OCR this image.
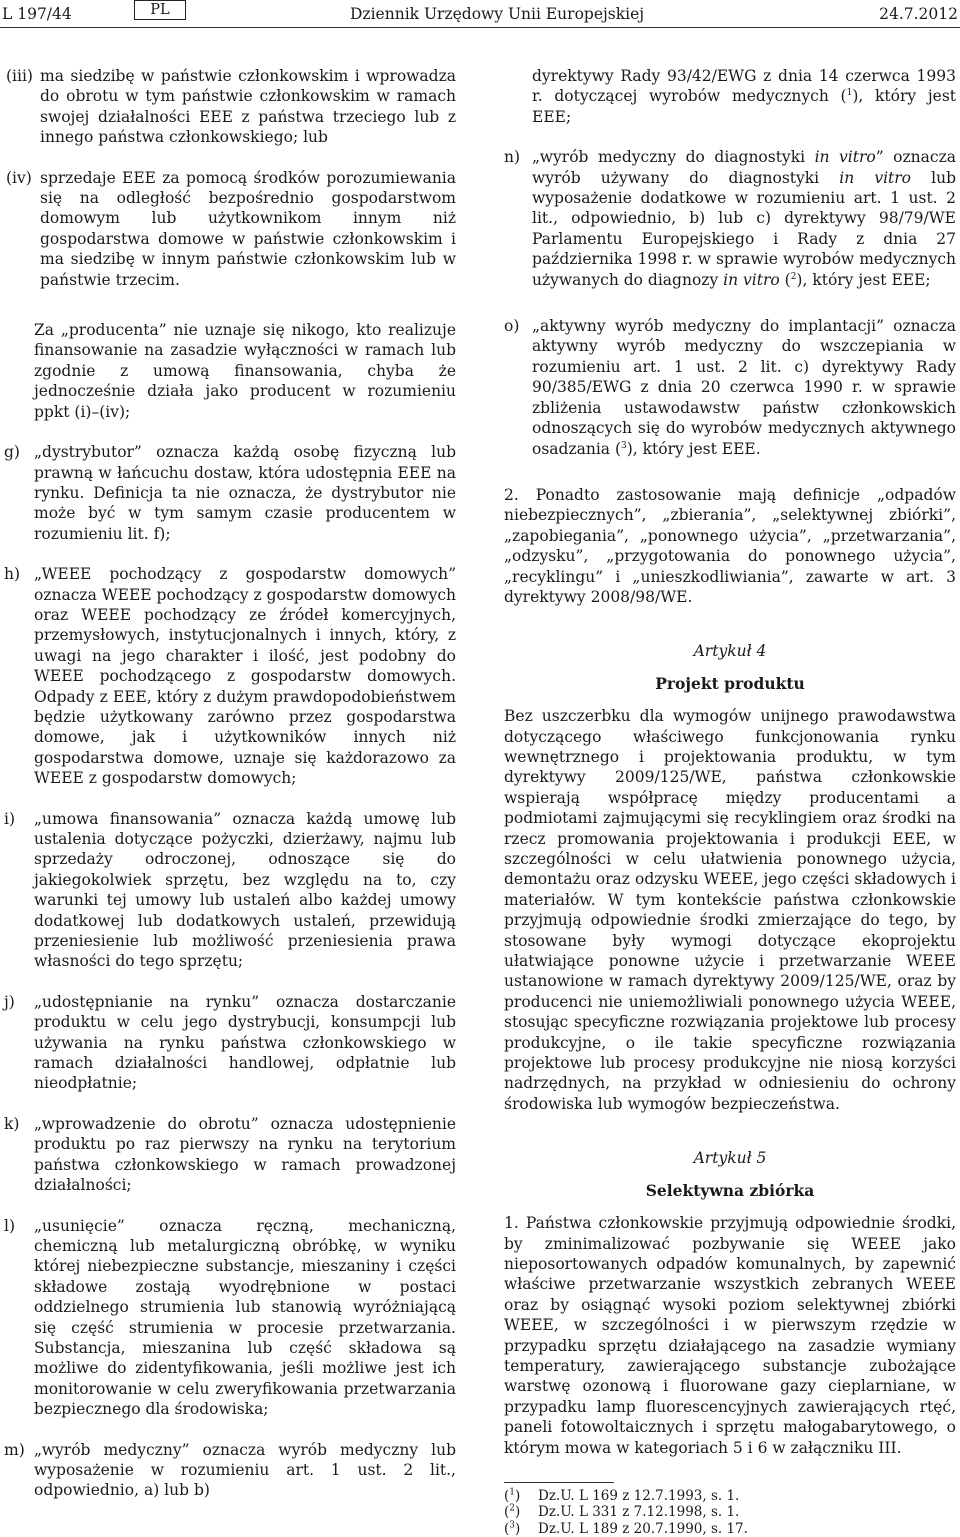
L 197/44	PL	Dziennik Urzędowy Unii Europejskiej	24.7.2012
(iii) ma siedzibę w państwie członkowskim i wprowadza do obrotu w tym państwie członkowskim w ramach swojej działalności EEE z państwa trzeciego lub z innego państwa członkowskiego; lub
(iv) sprzedaje EEE za pomocą środków porozumiewania się na odległość bezpośrednio gospodarstwom domowym lub użytkownikom innym niż gospodarstwa domowe w państwie członkowskim i ma siedzibę w innym państwie członkowskim lub w państwie trzecim.

Za „producenta” nie uznaje się nikogo, kto realizuje finansowanie na zasadzie wyłączności w ramach lub zgodnie z umową finansowania, chyba że jednocześnie działa jako producent w rozumieniu ppkt (i)–(iv);

g) „dystrybutor” oznacza każdą osobę fizyczną lub prawną w łańcuchu dostaw, która udostępnia EEE na rynku. Definicja ta nie oznacza, że dystrybutor nie może być w tym samym czasie producentem w rozumieniu lit. f);
h) „WEEE pochodzący z gospodarstw domowych” oznacza WEEE pochodzący z gospodarstw domowych oraz WEEE pochodzący ze źródeł komercyjnych, przemysłowych, instytucjonalnych i innych, który, z uwagi na jego charakter i ilość, jest podobny do WEEE pochodzącego z gospodarstw domowych. Odpady z EEE, który z dużym prawdopodobieństwem będzie użytkowany zarówno przez gospodarstwa domowe, jak i użytkowników innych niż gospodarstwa domowe, uznaje się każdorazowo za WEEE z gospodarstw domowych;
i)	„umowa finansowania” oznacza każdą umowę lub ustalenia dotyczące pożyczki, dzierżawy, najmu lub sprzedaży odroczonej, odnoszące się do jakiegokolwiek sprzętu, bez względu na to, czy warunki tej umowy lub ustaleń albo każdej umowy dodatkowej lub dodatkowych ustaleń, przewidują przeniesienie lub możliwość przeniesienia prawa własności do tego sprzętu;
j)	„udostępnianie na rynku” oznacza dostarczanie produktu w celu jego dystrybucji, konsumpcji lub używania na rynku państwa członkowskiego w ramach działalności handlowej, odpłatnie lub nieodpłatnie;
k) „wprowadzenie do obrotu” oznacza udostępnienie produktu po raz pierwszy na rynku na terytorium państwa członkowskiego w ramach prowadzonej działalności;
l)	„usunięcie” oznacza ręczną, mechaniczną, chemiczną lub metalurgiczną obróbkę, w wyniku której niebezpieczne substancje, mieszaniny i części składowe zostają wyodrębnione w postaci oddzielnego strumienia lub stanowią wyróżniającą się część strumienia w procesie przetwarzania. Substancja, mieszanina lub część składowa są możliwe do zidentyfikowania, jeśli możliwe jest ich monitorowanie w celu zweryfikowania przetwarzania bezpiecznego dla środowiska;
m) „wyrób medyczny” oznacza wyrób medyczny lub wyposażenie w rozumieniu art. 1 ust. 2 lit., odpowiednio, a) lub b)

dyrektywy Rady 93/42/EWG z dnia 14 czerwca 1993 r. dotyczącej wyrobów medycznych ($^1$), który jest EEE;

n) „wyrób medyczny do diagnostyki in vitro” oznacza wyrób używany do diagnostyki in vitro lub wyposażenie dodatkowe w rozumieniu art. 1 ust. 2 lit., odpowiednio, b) lub c) dyrektywy 98/79/WE Parlamentu Europejskiego i Rady z dnia 27 października 1998 r. w sprawie wyrobów medycznych używanych do diagnozy in vitro ($^2$), który jest EEE;
o) „aktywny wyrób medyczny do implantacji” oznacza aktywny wyrób medyczny do wszczepiania w rozumieniu art. 1 ust. 2 lit. c) dyrektywy Rady 90/385/EWG z dnia 20 czerwca 1990 r. w sprawie zbliżenia ustawodawstw państw członkowskich odnoszących się do wyrobów medycznych aktywnego osadzania ($^3$), który jest EEE.

2. Ponadto zastosowanie mają definicje „odpadów niebezpiecznych”, „zbierania”, „selektywnej zbiórki”, „zapobiegania”, „ponownego użycia”, „przetwarzania”, „odzysku”, „przygotowania do ponownego użycia”, „recyklingu” i „unieszkodliwiania”, zawarte w art. 3 dyrektywy 2008/98/WE.

Artykuł 4
Projekt produktu

Bez uszczerbku dla wymogów unijnego prawodawstwa dotyczącego właściwego funkcjonowania rynku wewnętrznego i projektowania produktu, w tym dyrektywy 2009/125/WE, państwa członkowskie wspierają współpracę między producentami a podmiotami zajmującymi się recyklingiem oraz środki na rzecz promowania projektowania i produkcji EEE, w szczególności w celu ułatwienia ponownego użycia, demontażu oraz odzysku WEEE, jego części składowych i materiałów. W tym kontekście państwa członkowskie przyjmują odpowiednie środki zmierzające do tego, by stosowane były wymogi dotyczące ekoprojektu ułatwiające ponowne użycie i przetwarzanie WEEE ustanowione w ramach dyrektywy 2009/125/WE, oraz by producenci nie uniemożliwiali ponownego użycia WEEE, stosując specyficzne rozwiązania projektowe lub procesy produkcyjne, o ile takie specyficzne rozwiązania projektowe lub procesy produkcyjne nie niosą korzyści nadrzędnych, na przykład w odniesieniu do ochrony środowiska lub wymogów bezpieczeństwa.

Artykuł 5
Selektywna zbiórka

1. Państwa członkowskie przyjmują odpowiednie środki, by zminimalizować pozbywanie się WEEE jako nieposortowanych odpadów komunalnych, by zapewnić właściwe przetwarzanie wszystkich zebranych WEEE oraz by osiągnąć wysoki poziom selektywnej zbiórki WEEE, w szczególności i w pierwszym rzędzie w przypadku sprzętu działającego na zasadzie wymiany temperatury, zawierającego substancje zubożające warstwę ozonową i fluorowane gazy cieplarniane, w przypadku lamp fluorescencyjnych zawierających rtęć, paneli fotowoltaicznych i sprzętu małogabarytowego, o którym mowa w kategoriach 5 i 6 w załączniku III.

($^1$)	Dz.U. L 169 z 12.7.1993, s. 1.
($^2$)	Dz.U. L 331 z 7.12.1998, s. 1.
($^3$)	Dz.U. L 189 z 20.7.1990, s. 17.
